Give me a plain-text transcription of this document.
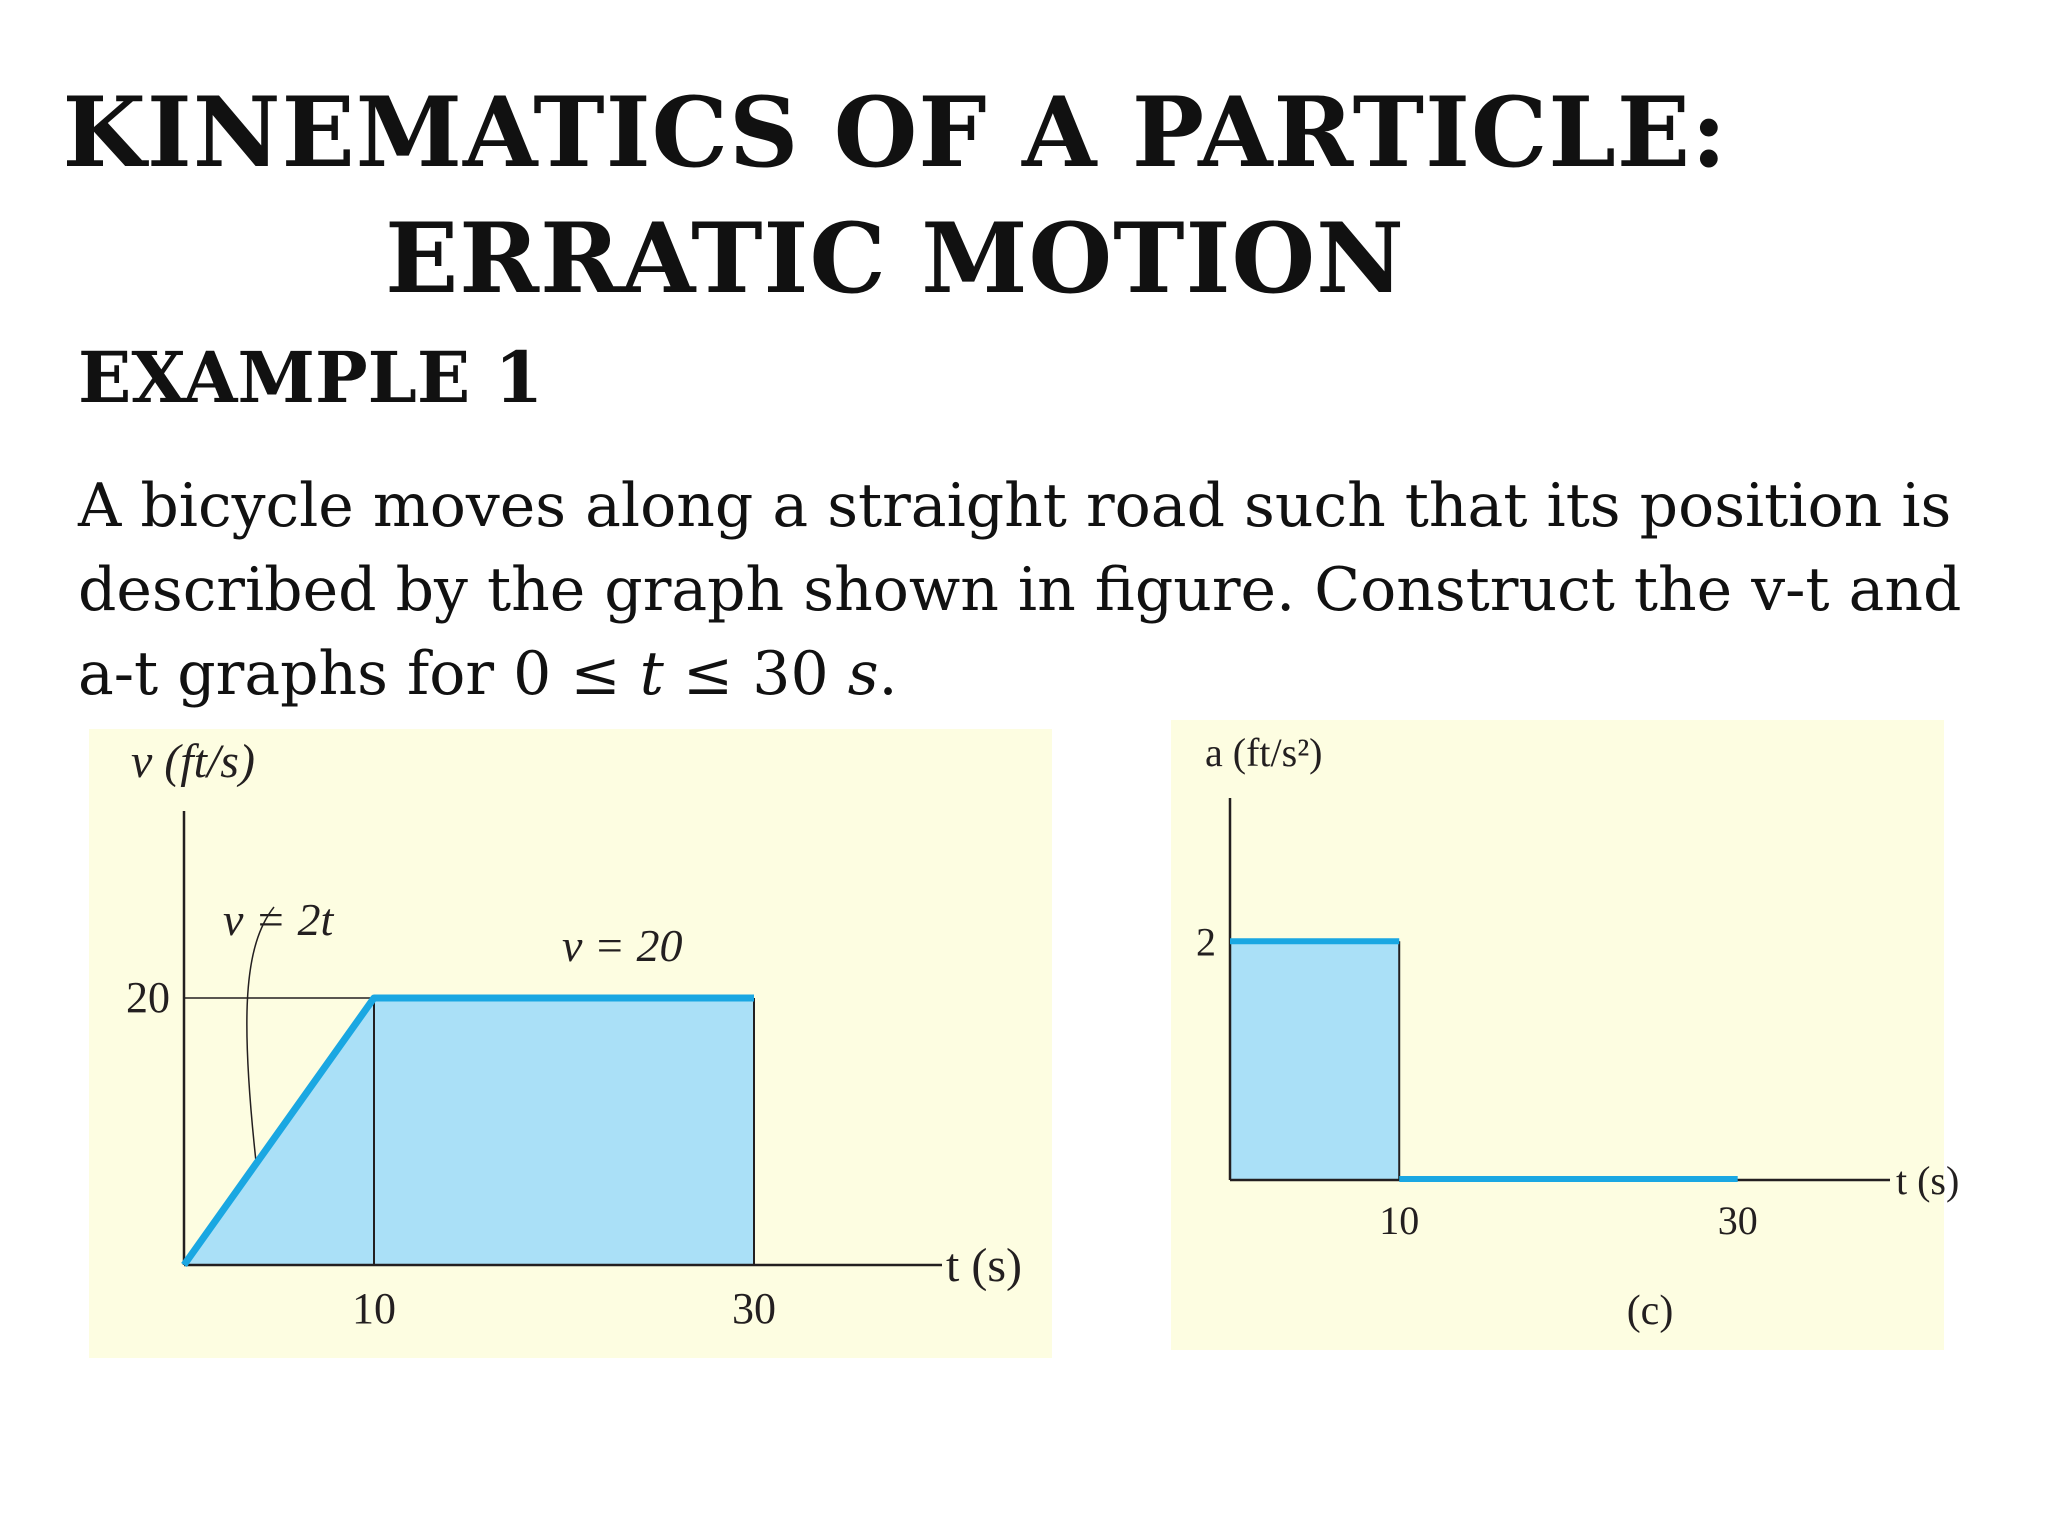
KINEMATICS OF A PARTICLE:
ERRATIC MOTION
EXAMPLE 1

A bicycle moves along a straight road such that its position is described by the graph shown in figure. Construct the v-t and a-t graphs for 0 ≤ t ≤ 30 s.

v (ft/s)
t (s)
20
10	30
v = 2t
v = 20
a (ft/s²)
t (s)
2
10	30
(c)
